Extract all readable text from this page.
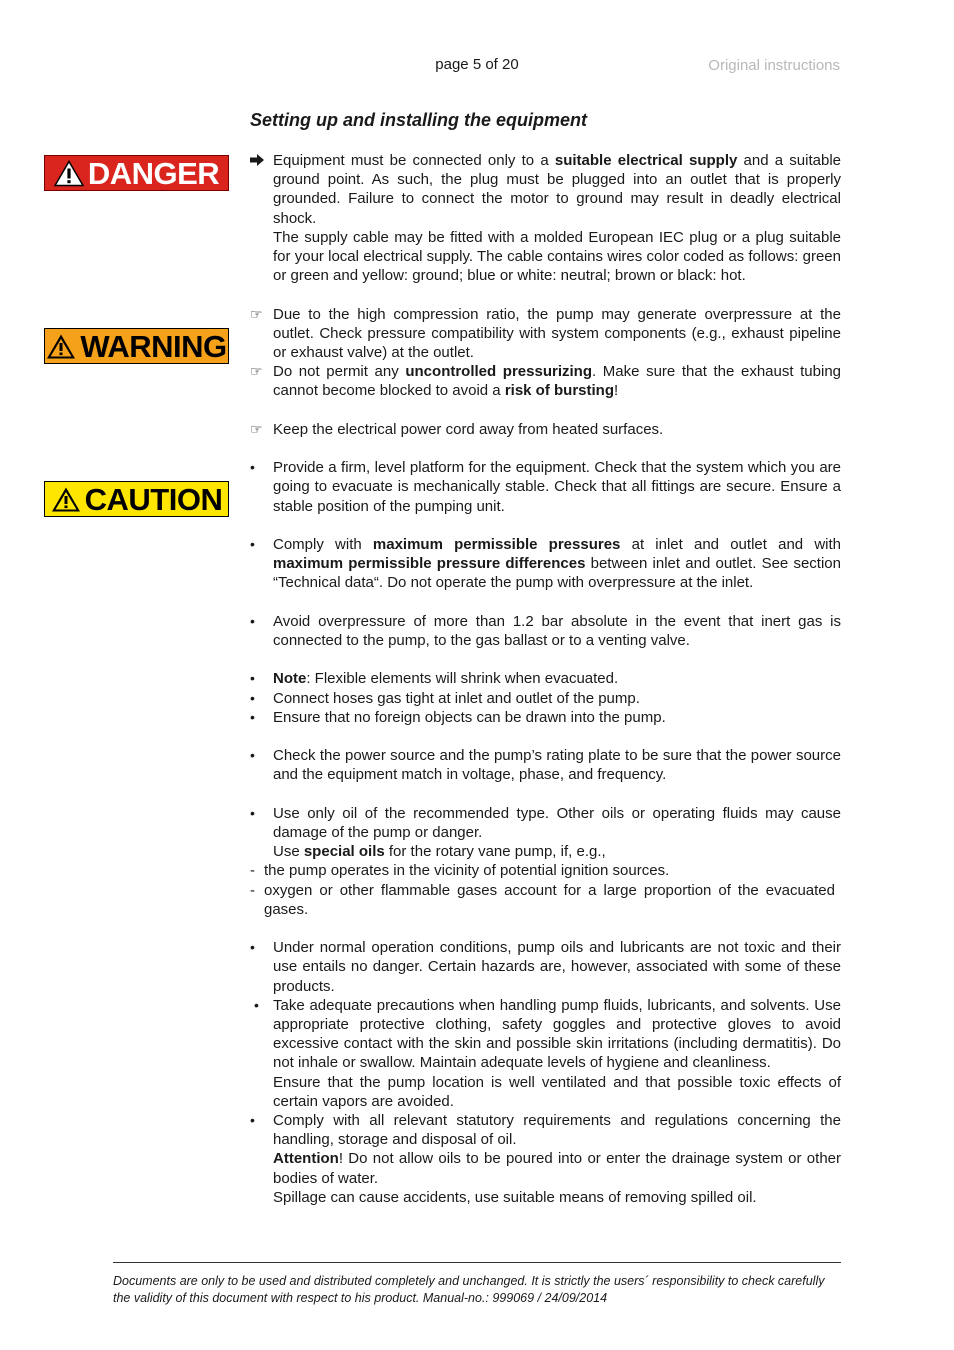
page 5 of 20	Original instructions
Setting up and installing the equipment
DANGER
WARNING
CAUTION

Equipment must be connected only to a suitable electrical supply and a suitable ground point. As such, the plug must be plugged into an outlet that is properly grounded. Failure to connect the motor to ground may result in deadly electrical shock.

The supply cable may be fitted with a molded European IEC plug or a plug suitable for your local electrical supply. The cable contains wires color coded as follows: green or green and yellow: ground; blue or white: neutral; brown or black: hot.

☞ Due to the high compression ratio, the pump may generate overpressure at the outlet. Check pressure compatibility with system components (e.g., exhaust pipeline or exhaust valve) at the outlet.

☞ Do not permit any uncontrolled pressurizing. Make sure that the exhaust tubing cannot become blocked to avoid a risk of bursting!

☞ Keep the electrical power cord away from heated surfaces.

•	Provide a firm, level platform for the equipment. Check that the system which you are going to evacuate is mechanically stable. Check that all fittings are secure. Ensure a stable position of the pumping unit.

•	Comply with maximum permissible pressures at inlet and outlet and with maximum permissible pressure differences between inlet and outlet. See section “Technical data“. Do not operate the pump with overpressure at the inlet.

•	Avoid overpressure of more than 1.2 bar absolute in the event that inert gas is connected to the pump, to the gas ballast or to a venting valve.

•	Note: Flexible elements will shrink when evacuated.

•	Connect hoses gas tight at inlet and outlet of the pump.

•	Ensure that no foreign objects can be drawn into the pump.

•	Check the power source and the pump’s rating plate to be sure that the power source and the equipment match in voltage, phase, and frequency.

•	Use only oil of the recommended type. Other oils or operating fluids may cause damage of the pump or danger.

Use special oils for the rotary vane pump, if, e.g.,

- the pump operates in the vicinity of potential ignition sources.

- oxygen or other flammable gases account for a large proportion of the evacuated gases.

•	Under normal operation conditions, pump oils and lubricants are not toxic and their use entails no danger. Certain hazards are, however, associated with some of these products.

• Take adequate precautions when handling pump fluids, lubricants, and solvents. Use appropriate protective clothing, safety goggles and protective gloves to avoid excessive contact with the skin and possible skin irritations (including dermatitis). Do not inhale or swallow. Maintain adequate levels of hygiene and cleanliness.

Ensure that the pump location is well ventilated and that possible toxic effects of certain vapors are avoided.

•	Comply with all relevant statutory requirements and regulations concerning the handling, storage and disposal of oil.

Attention! Do not allow oils to be poured into or enter the drainage system or other bodies of water.

Spillage can cause accidents, use suitable means of removing spilled oil.

Documents are only to be used and distributed completely and unchanged. It is strictly the users´ responsibility to check carefully the validity of this document with respect to his product. Manual-no.: 999069 / 24/09/2014
